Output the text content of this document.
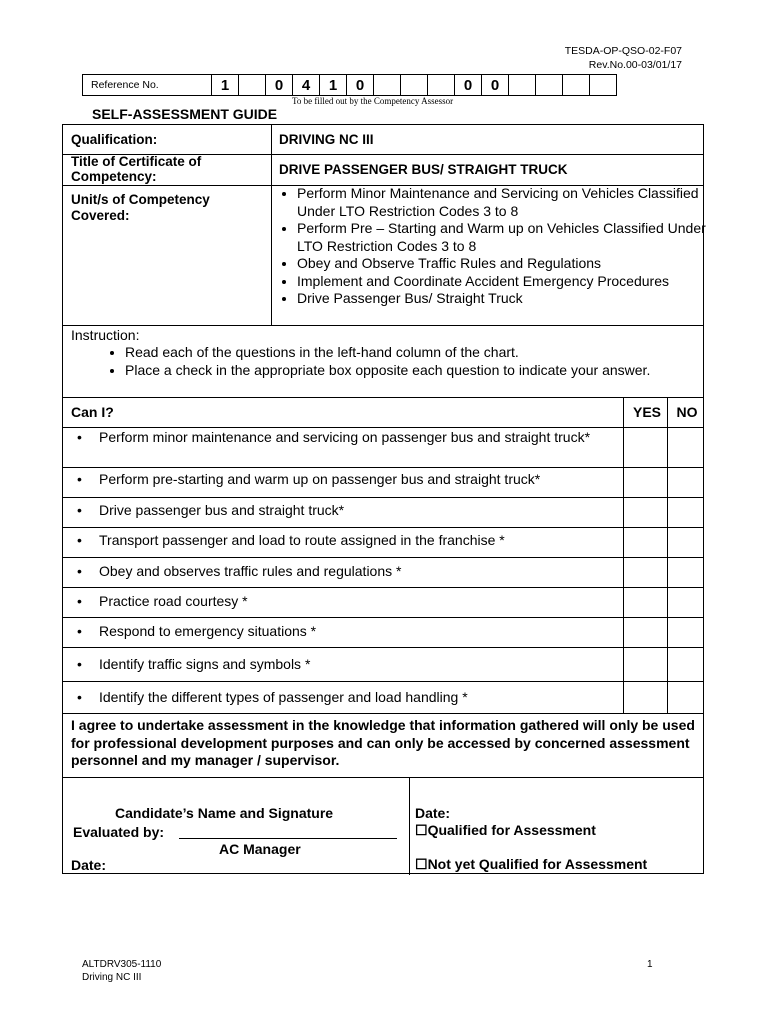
TESDA-OP-QSO-02-F07
Rev.No.00-03/01/17
Reference No.	1		0	4	1	0				0	0				
To be filled out by the Competency Assessor
SELF-ASSESSMENT GUIDE
Qualification:	DRIVING NC III
Title of Certificate of Competency:	DRIVE PASSENGER BUS/ STRAIGHT TRUCK
Unit/s of Competency Covered:
• Perform Minor Maintenance and Servicing on Vehicles Classified Under LTO Restriction Codes 3 to 8
• Perform Pre – Starting and Warm up on Vehicles Classified Under LTO Restriction Codes 3 to 8
• Obey and Observe Traffic Rules and Regulations
• Implement and Coordinate Accident Emergency Procedures
• Drive Passenger Bus/ Straight Truck
Instruction:
• Read each of the questions in the left-hand column of the chart.
• Place a check in the appropriate box opposite each question to indicate your answer.
Can I?	YES	NO
• Perform minor maintenance and servicing on passenger bus and straight truck*
• Perform pre-starting and warm up on passenger bus and straight truck*
• Drive passenger bus and straight truck*
• Transport passenger and load to route assigned in the franchise *
• Obey and observes traffic rules and regulations *
• Practice road courtesy *
• Respond to emergency situations *
• Identify traffic signs and symbols *
• Identify the different types of passenger and load handling *
I agree to undertake assessment in the knowledge that information gathered will only be used for professional development purposes and can only be accessed by concerned assessment personnel and my manager / supervisor.
Candidate’s Name and Signature	Date:
Evaluated by:
AC Manager
Date:
☐Qualified for Assessment
☐Not yet Qualified for Assessment
ALTDRV305-1110
Driving NC III
1
